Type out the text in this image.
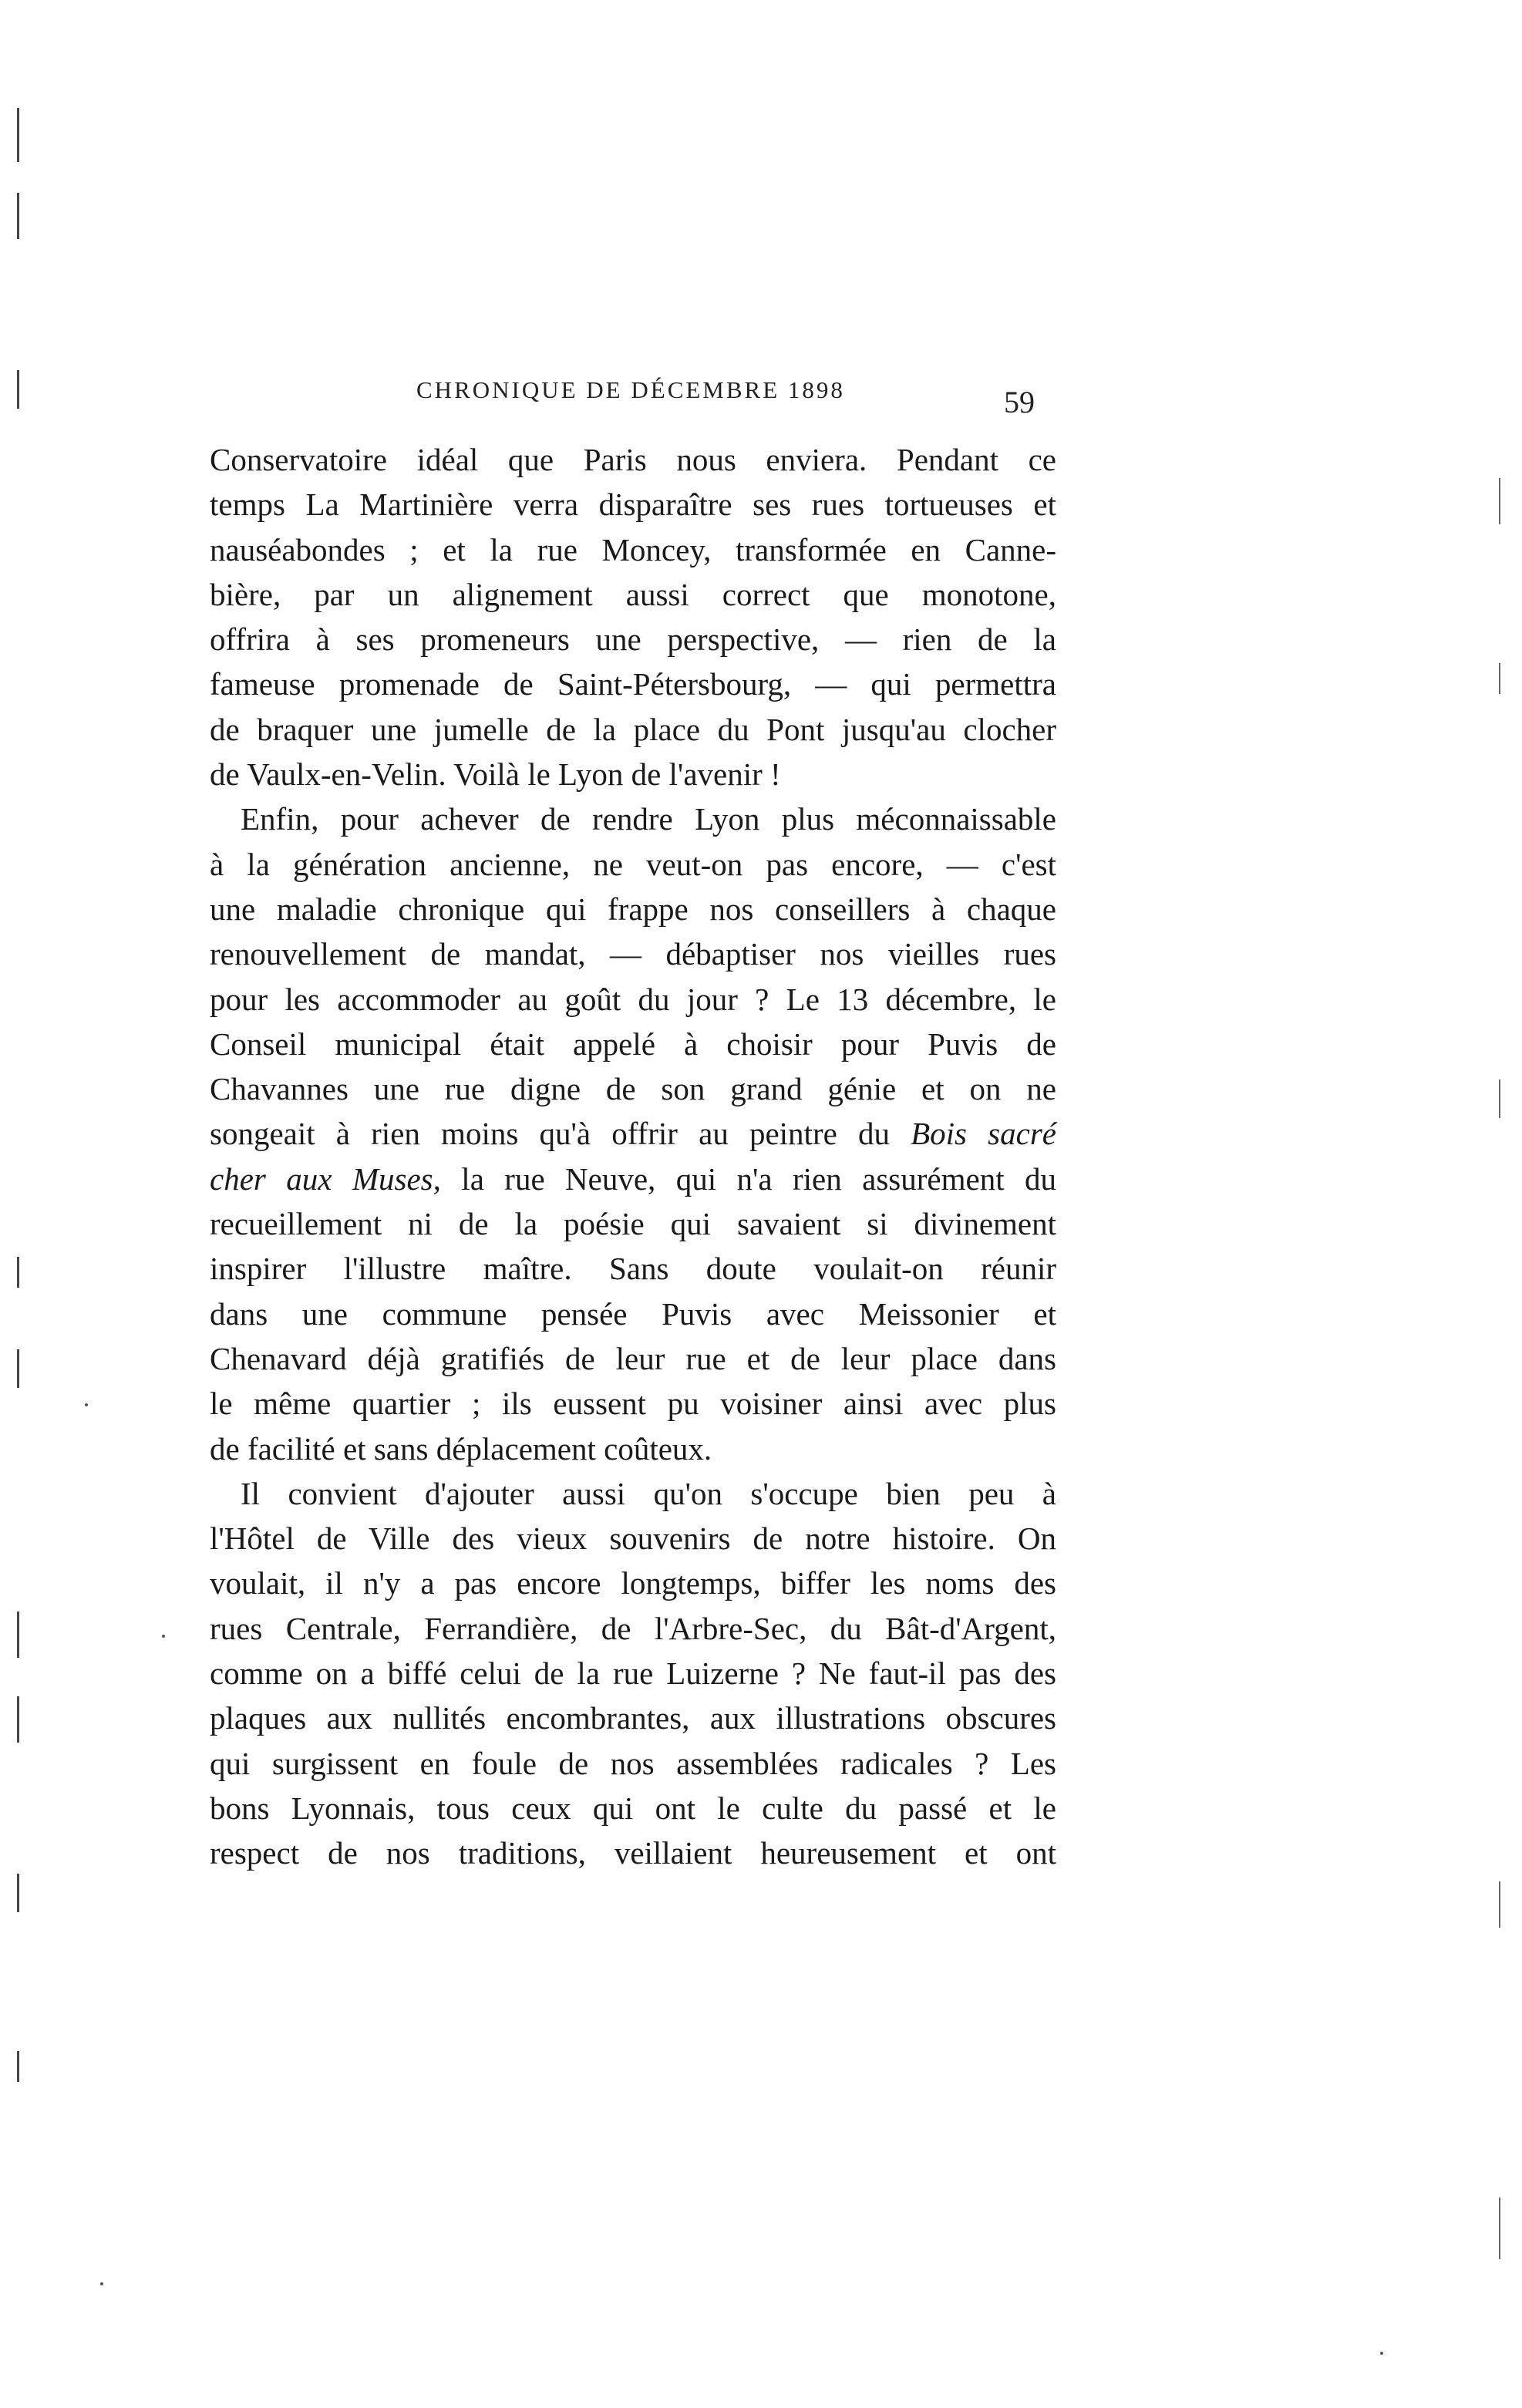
CHRONIQUE DE DÉCEMBRE 1898	59
Conservatoire idéal que Paris nous enviera. Pendant ce
temps La Martinière verra disparaître ses rues tortueuses et
nauséabondes ; et la rue Moncey, transformée en Canne-
bière, par un alignement aussi correct que monotone,
offrira à ses promeneurs une perspective, — rien de la
fameuse promenade de Saint-Pétersbourg, — qui permettra
de braquer une jumelle de la place du Pont jusqu'au clocher
de Vaulx-en-Velin. Voilà le Lyon de l'avenir !
Enfin, pour achever de rendre Lyon plus méconnaissable
à la génération ancienne, ne veut-on pas encore, — c'est
une maladie chronique qui frappe nos conseillers à chaque
renouvellement de mandat, — débaptiser nos vieilles rues
pour les accommoder au goût du jour ? Le 13 décembre, le
Conseil municipal était appelé à choisir pour Puvis de
Chavannes une rue digne de son grand génie et on ne
songeait à rien moins qu'à offrir au peintre du Bois sacré
cher aux Muses, la rue Neuve, qui n'a rien assurément du
recueillement ni de la poésie qui savaient si divinement
inspirer l'illustre maître. Sans doute voulait-on réunir
dans une commune pensée Puvis avec Meissonier et
Chenavard déjà gratifiés de leur rue et de leur place dans
le même quartier ; ils eussent pu voisiner ainsi avec plus
de facilité et sans déplacement coûteux.
Il convient d'ajouter aussi qu'on s'occupe bien peu à
l'Hôtel de Ville des vieux souvenirs de notre histoire. On
voulait, il n'y a pas encore longtemps, biffer les noms des
rues Centrale, Ferrandière, de l'Arbre-Sec, du Bât-d'Argent,
comme on a biffé celui de la rue Luizerne ? Ne faut-il pas des
plaques aux nullités encombrantes, aux illustrations obscures
qui surgissent en foule de nos assemblées radicales ? Les
bons Lyonnais, tous ceux qui ont le culte du passé et le
respect de nos traditions, veillaient heureusement et ont
